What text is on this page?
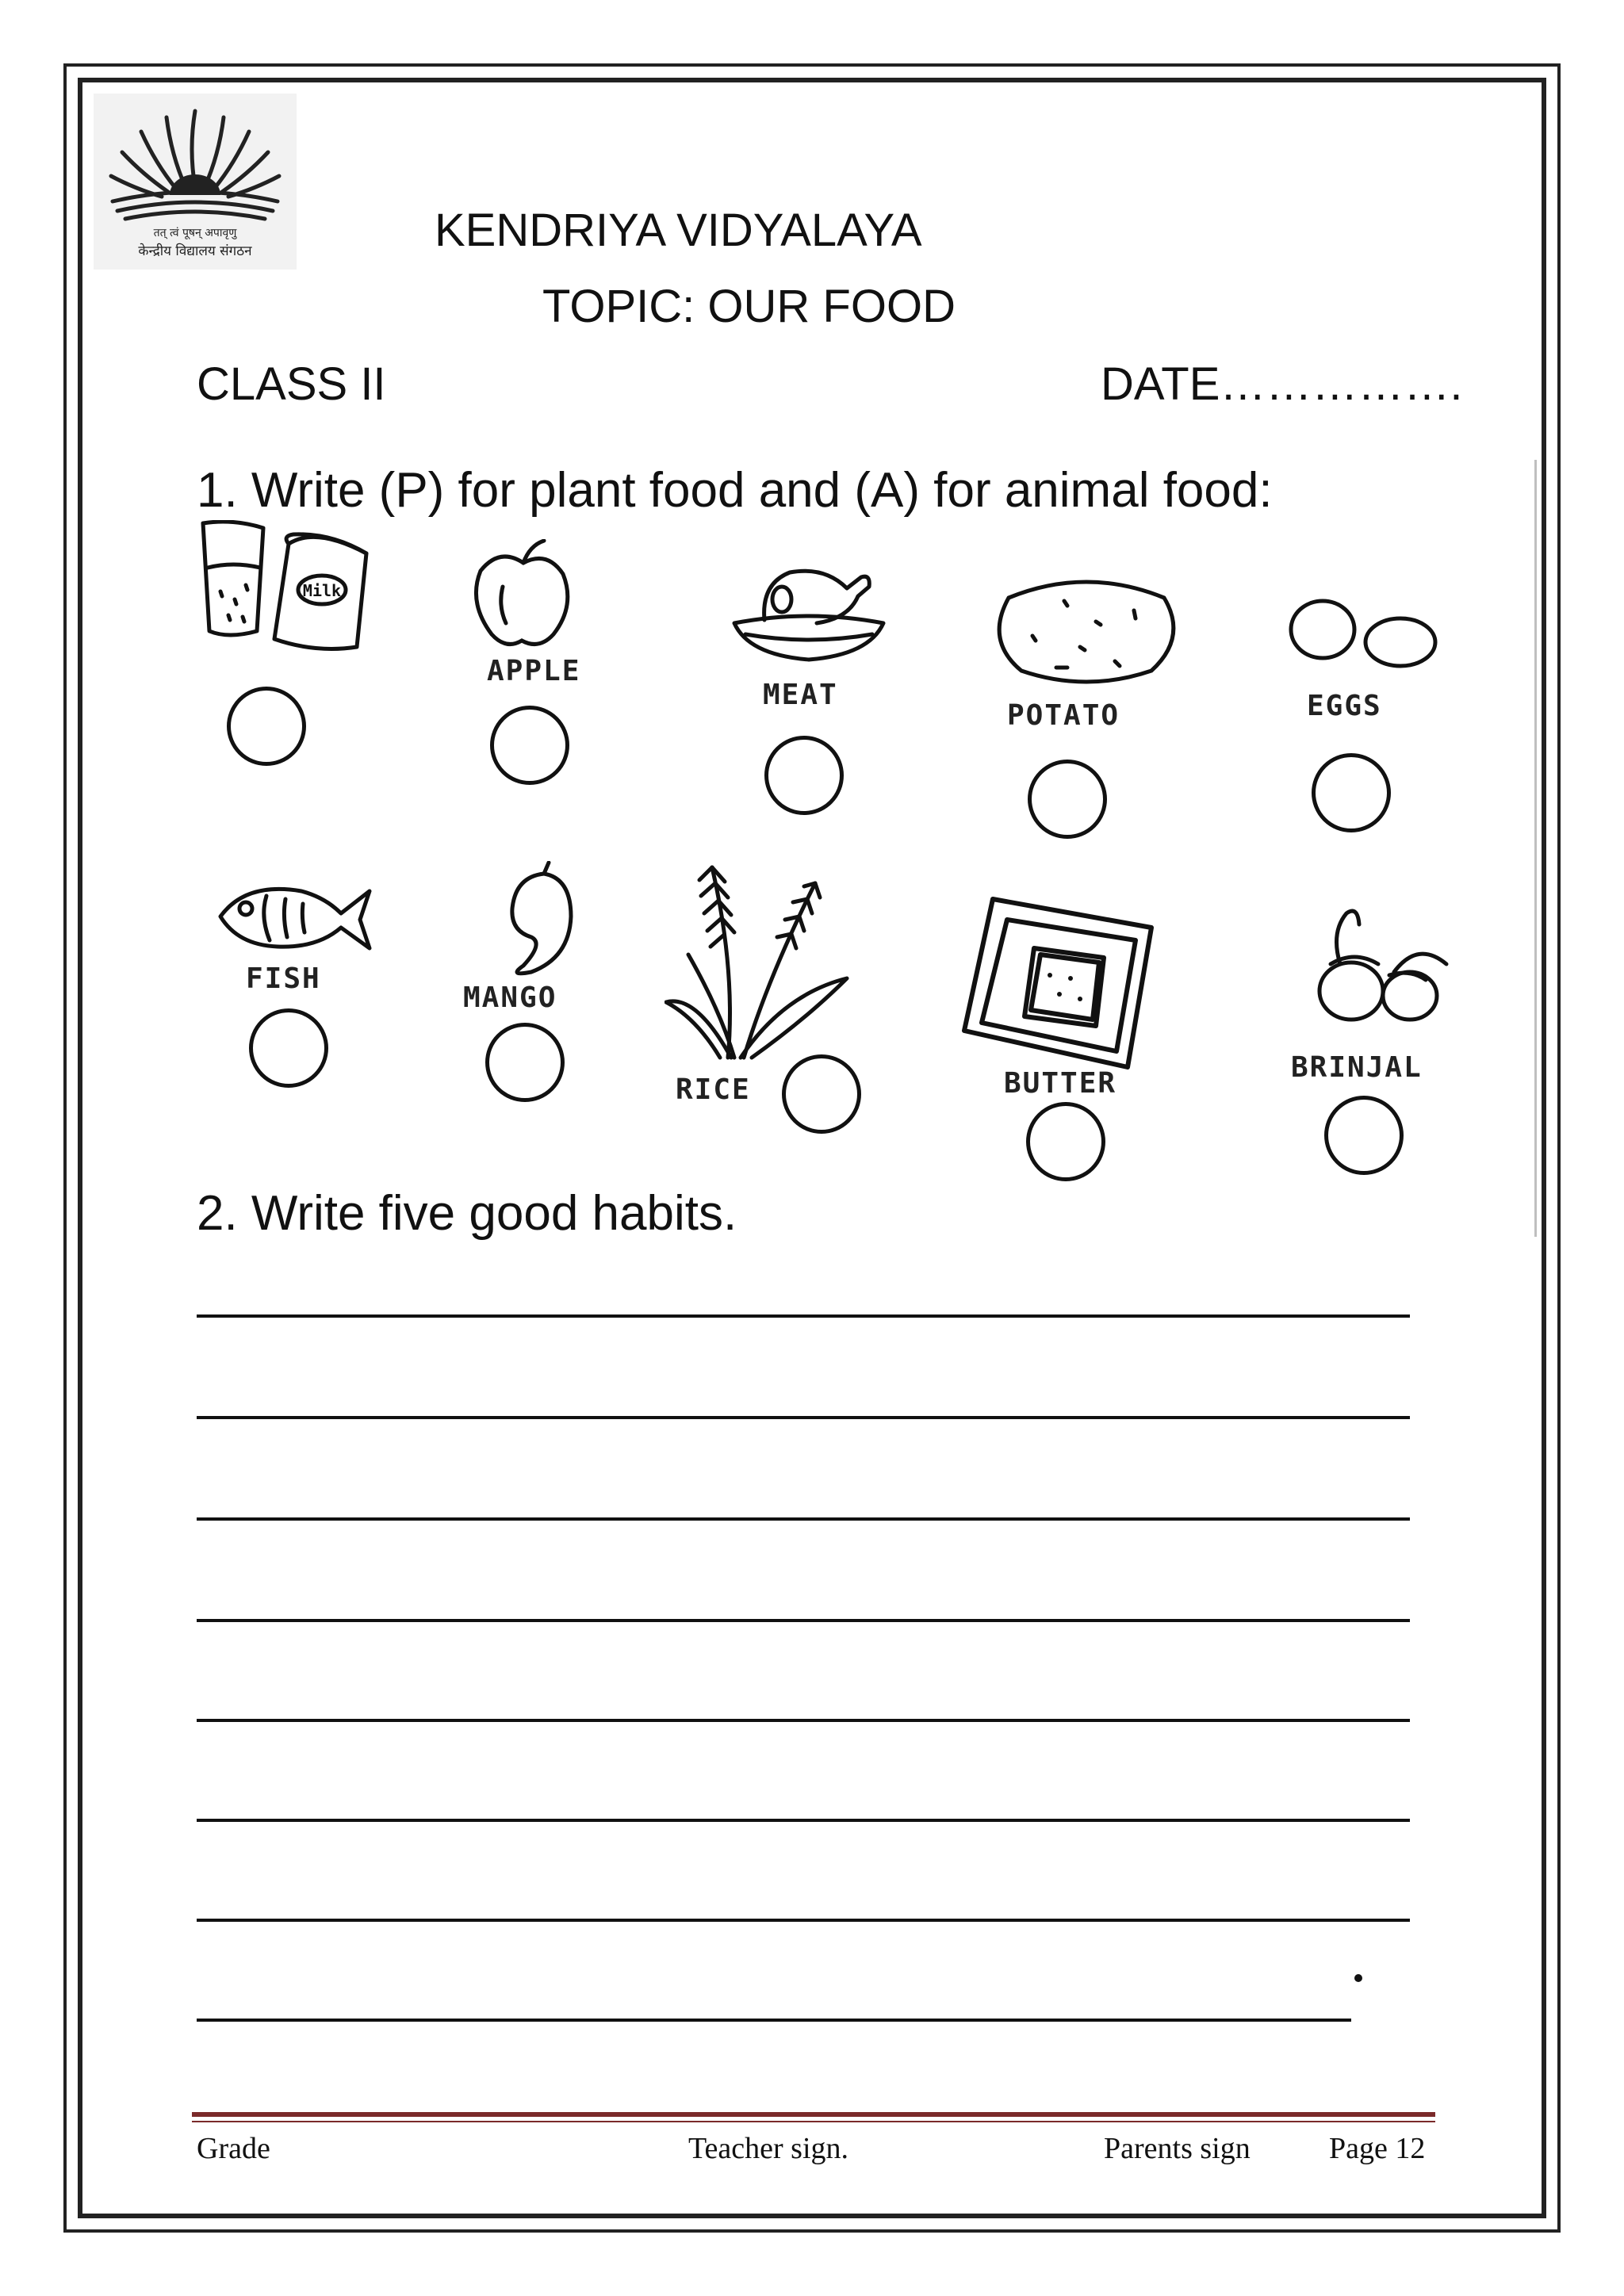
तत् त्वं पूषन् अपावृणु
केन्द्रीय विद्यालय संगठन	KENDRIYA VIDYALAYA
TOPIC: OUR FOOD
CLASS II	DATE…………….
1. Write (P) for plant food and (A) for animal food:
Milk
APPLE
MEAT
POTATO	EGGS
FISH
MANGO
RICE	BUTTER	BRINJAL
2. Write five good habits.
Grade	Teacher sign.	Parents sign	Page 12
